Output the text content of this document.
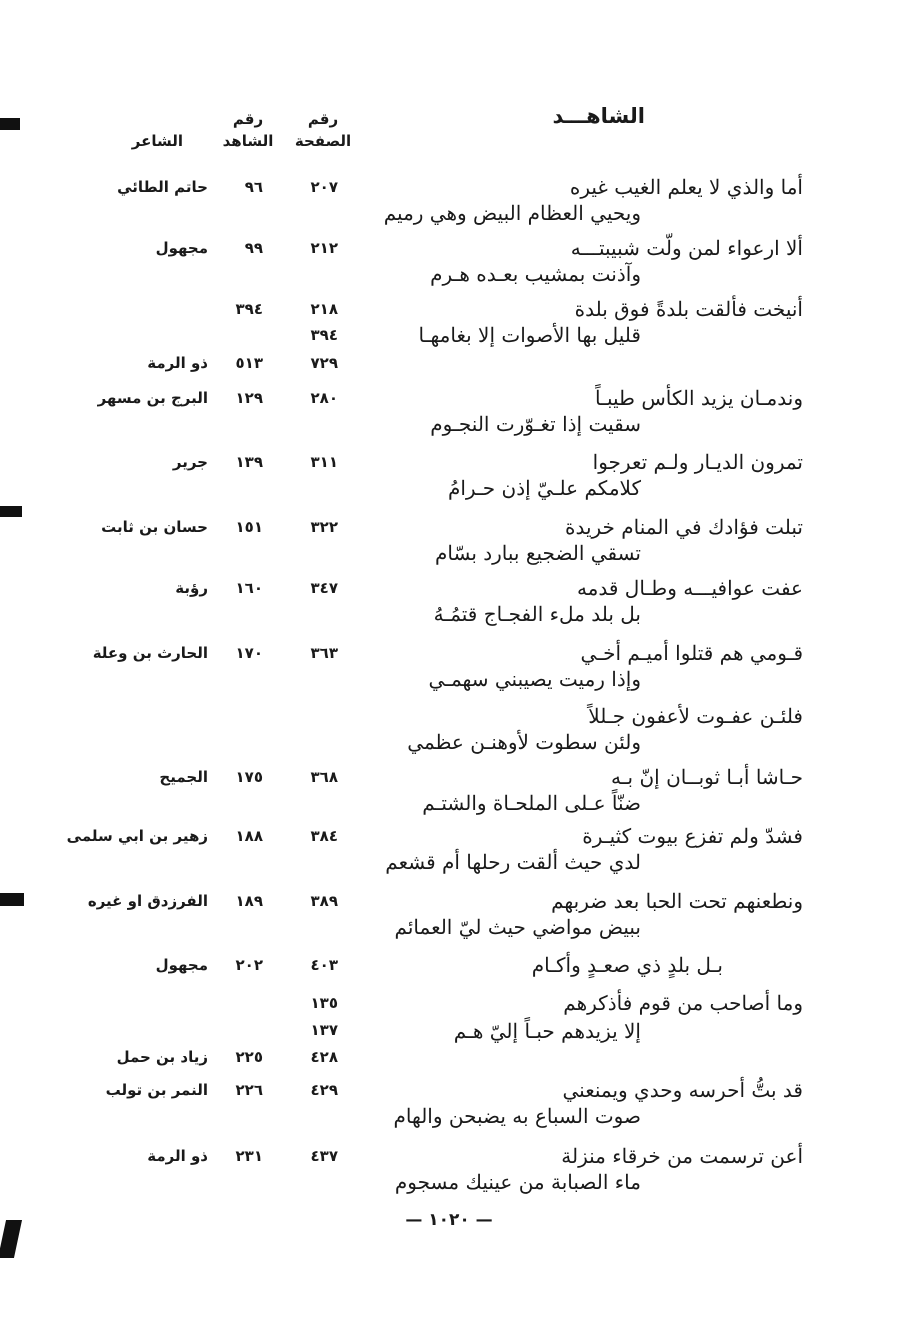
الشاهـــد
رقم
الصفحة
رقم
الشاهد
الشاعر
أما والذي لا يعلم الغيب غيره
ويحيي العظام البيض وهي رميم
٢٠٧
٩٦
حاتم الطائي
ألا ارعواء لمن ولّت شبيبتـــه
وآذنت بمشيب بعـده هـرم
٢١٢
٩٩
مجهول
أنيخت فألقت بلدةً فوق بلدة
قليل بها الأصوات إلا بغامهـا
٢١٨
٣٩٤
٣٩٤
٧٢٩
٥١٣
ذو الرمة
وندمـان يزيد الكأس طيبـاً
سقيت إذا تغـوّرت النجـوم
٢٨٠
١٢٩
البرج بن مسهر
تمرون الديـار ولـم تعرجوا
كلامكم علـيّ إذن حـرامُ
٣١١
١٣٩
جرير
تبلت فؤادك في المنام خريدة
تسقي الضجيع ببارد بسّام
٣٢٢
١٥١
حسان بن ثابت
عفت عوافيـــه وطـال قدمه
بل بلد ملء الفجـاج قتمُـهُ
٣٤٧
١٦٠
رؤبة
قـومي هم قتلوا أميـم أخـي
وإذا رميت يصيبني سهمـي
٣٦٣
١٧٠
الحارث بن وعلة
فلئـن عفـوت لأعفون جـللاً
ولئن سطوت لأوهنـن عظمي
حـاشا أبـا ثوبــان إنّ بـه
ضنّاً عـلى الملحـاة والشتـم
٣٦٨
١٧٥
الجميح
فشدّ ولم تفزع بيوت كثيـرة
لدي حيث ألقت رحلها أم قشعم
٣٨٤
١٨٨
زهير بن ابي سلمى
ونطعنهم تحت الحبا بعد ضربهم
ببيض مواضي حيث ليّ العمائم
٣٨٩
١٨٩
الفرزدق او غيره
بـل بلدٍ ذي صعـدٍ وأكـام
٤٠٣
٢٠٢
مجهول
وما أصاحب من قوم فأذكرهم
إلا يزيدهم حبـاً إليّ هـم
١٣٥
١٣٧
٤٢٨
٢٢٥
زياد بن حمل
قد بتُّ أحرسه وحدي ويمنعني
صوت السباع به يضبحن والهام
٤٢٩
٢٢٦
النمر بن تولب
أعن ترسمت من خرقاء منزلة
ماء الصبابة من عينيك مسجوم
٤٣٧
٢٣١
ذو الرمة
— ١٠٢٠ —
